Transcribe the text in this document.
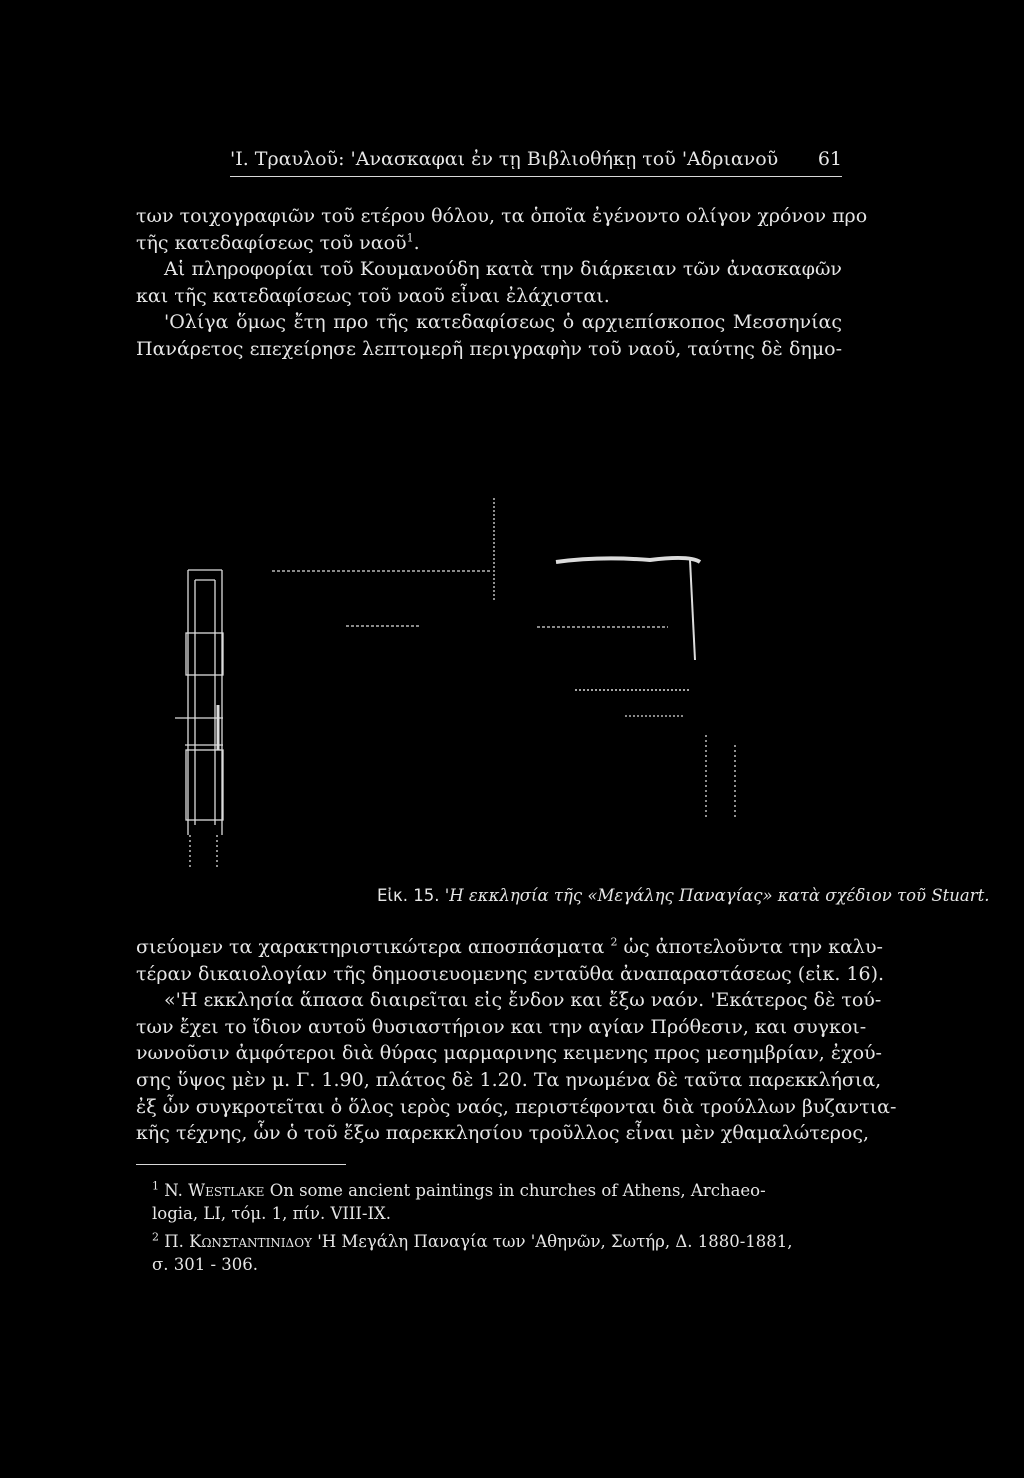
'Ι. Τραυλοῦ: 'Ανασκαφαι ἐν τῃ Βιβλιοθήκῃ τοῦ 'Αδριανοῦ 61
των τοιχογραφιῶν τοῦ ετέρου θόλου, τα ὁποῖα ἐγένοντο ολίγον χρόνον προ
τῆς κατεδαφίσεως τοῦ ναοῦ$^1$.
Αἱ πληροφορίαι τοῦ Κουμανούδη κατὰ την διάρκειαν τῶν ἀνασκαφῶν
και τῆς κατεδαφίσεως τοῦ ναοῦ εἶναι ἐλάχισται.
'Ολίγα ὅμως ἔτη προ τῆς κατεδαφίσεως ὁ αρχιεπίσκοπος Μεσσηνίας
Πανάρετος επεχείρησε λεπτομερῆ περιγραφὴν τοῦ ναοῦ, ταύτης δὲ δημο-
Εἰκ. 15. 'Η εκκλησία τῆς «Μεγάλης Παναγίας» κατὰ σχέδιον τοῦ Stuart.
σιεύομεν τα χαρακτηριστικώτερα αποσπάσματα $^2$ ὡς ἀποτελοῦντα την καλυ-
τέραν δικαιολογίαν τῆς δημοσιευομενης ενταῦθα ἀναπαραστάσεως (εἰκ. 16).
«'Η εκκλησία ἅπασα διαιρεῖται εἰς ἔνδον και ἔξω ναόν. 'Εκάτερος δὲ τού-
των ἔχει το ἴδιον αυτοῦ θυσιαστήριον και την αγίαν Πρόθεσιν, και συγκοι-
νωνοῦσιν ἀμφότεροι διὰ θύρας μαρμαρινης κειμενης προς μεσημβρίαν, ἐχού-
σης ὕψος μὲν μ. Γ. 1.90, πλάτος δὲ 1.20. Τα ηνωμένα δὲ ταῦτα παρεκκλήσια,
ἐξ ὧν συγκροτεῖται ὁ ὅλος ιερὸς ναός, περιστέφονται διὰ τρούλλων βυζαντια-
κῆς τέχνης, ὧν ὁ τοῦ ἔξω παρεκκλησίου τροῦλλος εἶναι μὲν χθαμαλώτερος,
$^1$ N. Westlake On some ancient paintings in churches of Athens, Archaeo-
logia, LI, τόμ. 1, πίν. VIII-IX.
$^2$ Π. Κωνσταντινιδου 'Η Μεγάλη Παναγία των 'Αθηνῶν, Σωτήρ, Δ. 1880-1881,
σ. 301 - 306.
